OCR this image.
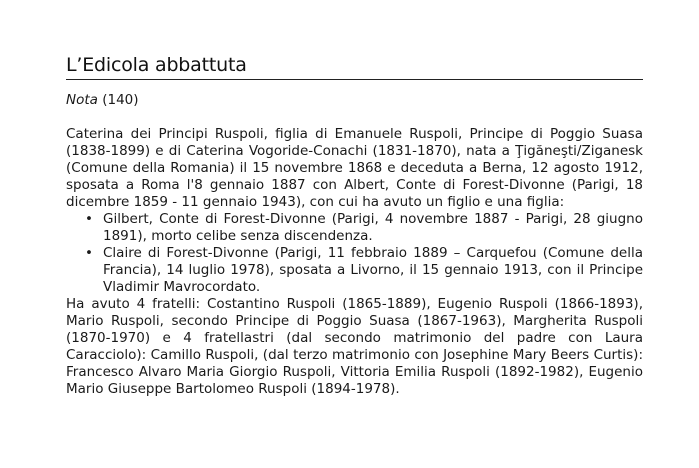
L’Edicola abbattuta

Nota (140)

Caterina dei Principi Ruspoli, figlia di Emanuele Ruspoli, Principe di Poggio Suasa (1838-1899) e di Caterina Vogoride-Conachi (1831-1870), nata a Ţigăneşti/Ziganesk (Comune della Romania) il 15 novembre 1868 e deceduta a Berna, 12 agosto 1912, sposata a Roma l'8 gennaio 1887 con Albert, Conte di Forest-Divonne (Parigi, 18 dicembre 1859 - 11 gennaio 1943), con cui ha avuto un figlio e una figlia:

• Gilbert, Conte di Forest-Divonne (Parigi, 4 novembre 1887 - Parigi, 28 giugno 1891), morto celibe senza discendenza.
• Claire di Forest-Divonne (Parigi, 11 febbraio 1889 – Carquefou (Comune della Francia), 14 luglio 1978), sposata a Livorno, il 15 gennaio 1913, con il Principe Vladimir Mavrocordato.

Ha avuto 4 fratelli: Costantino Ruspoli (1865-1889), Eugenio Ruspoli (1866-1893), Mario Ruspoli, secondo Principe di Poggio Suasa (1867-1963), Margherita Ruspoli (1870-1970) e 4 fratellastri (dal secondo matrimonio del padre con Laura Caracciolo): Camillo Ruspoli, (dal terzo matrimonio con Josephine Mary Beers Curtis): Francesco Alvaro Maria Giorgio Ruspoli, Vittoria Emilia Ruspoli (1892-1982), Eugenio Mario Giuseppe Bartolomeo Ruspoli (1894-1978).
